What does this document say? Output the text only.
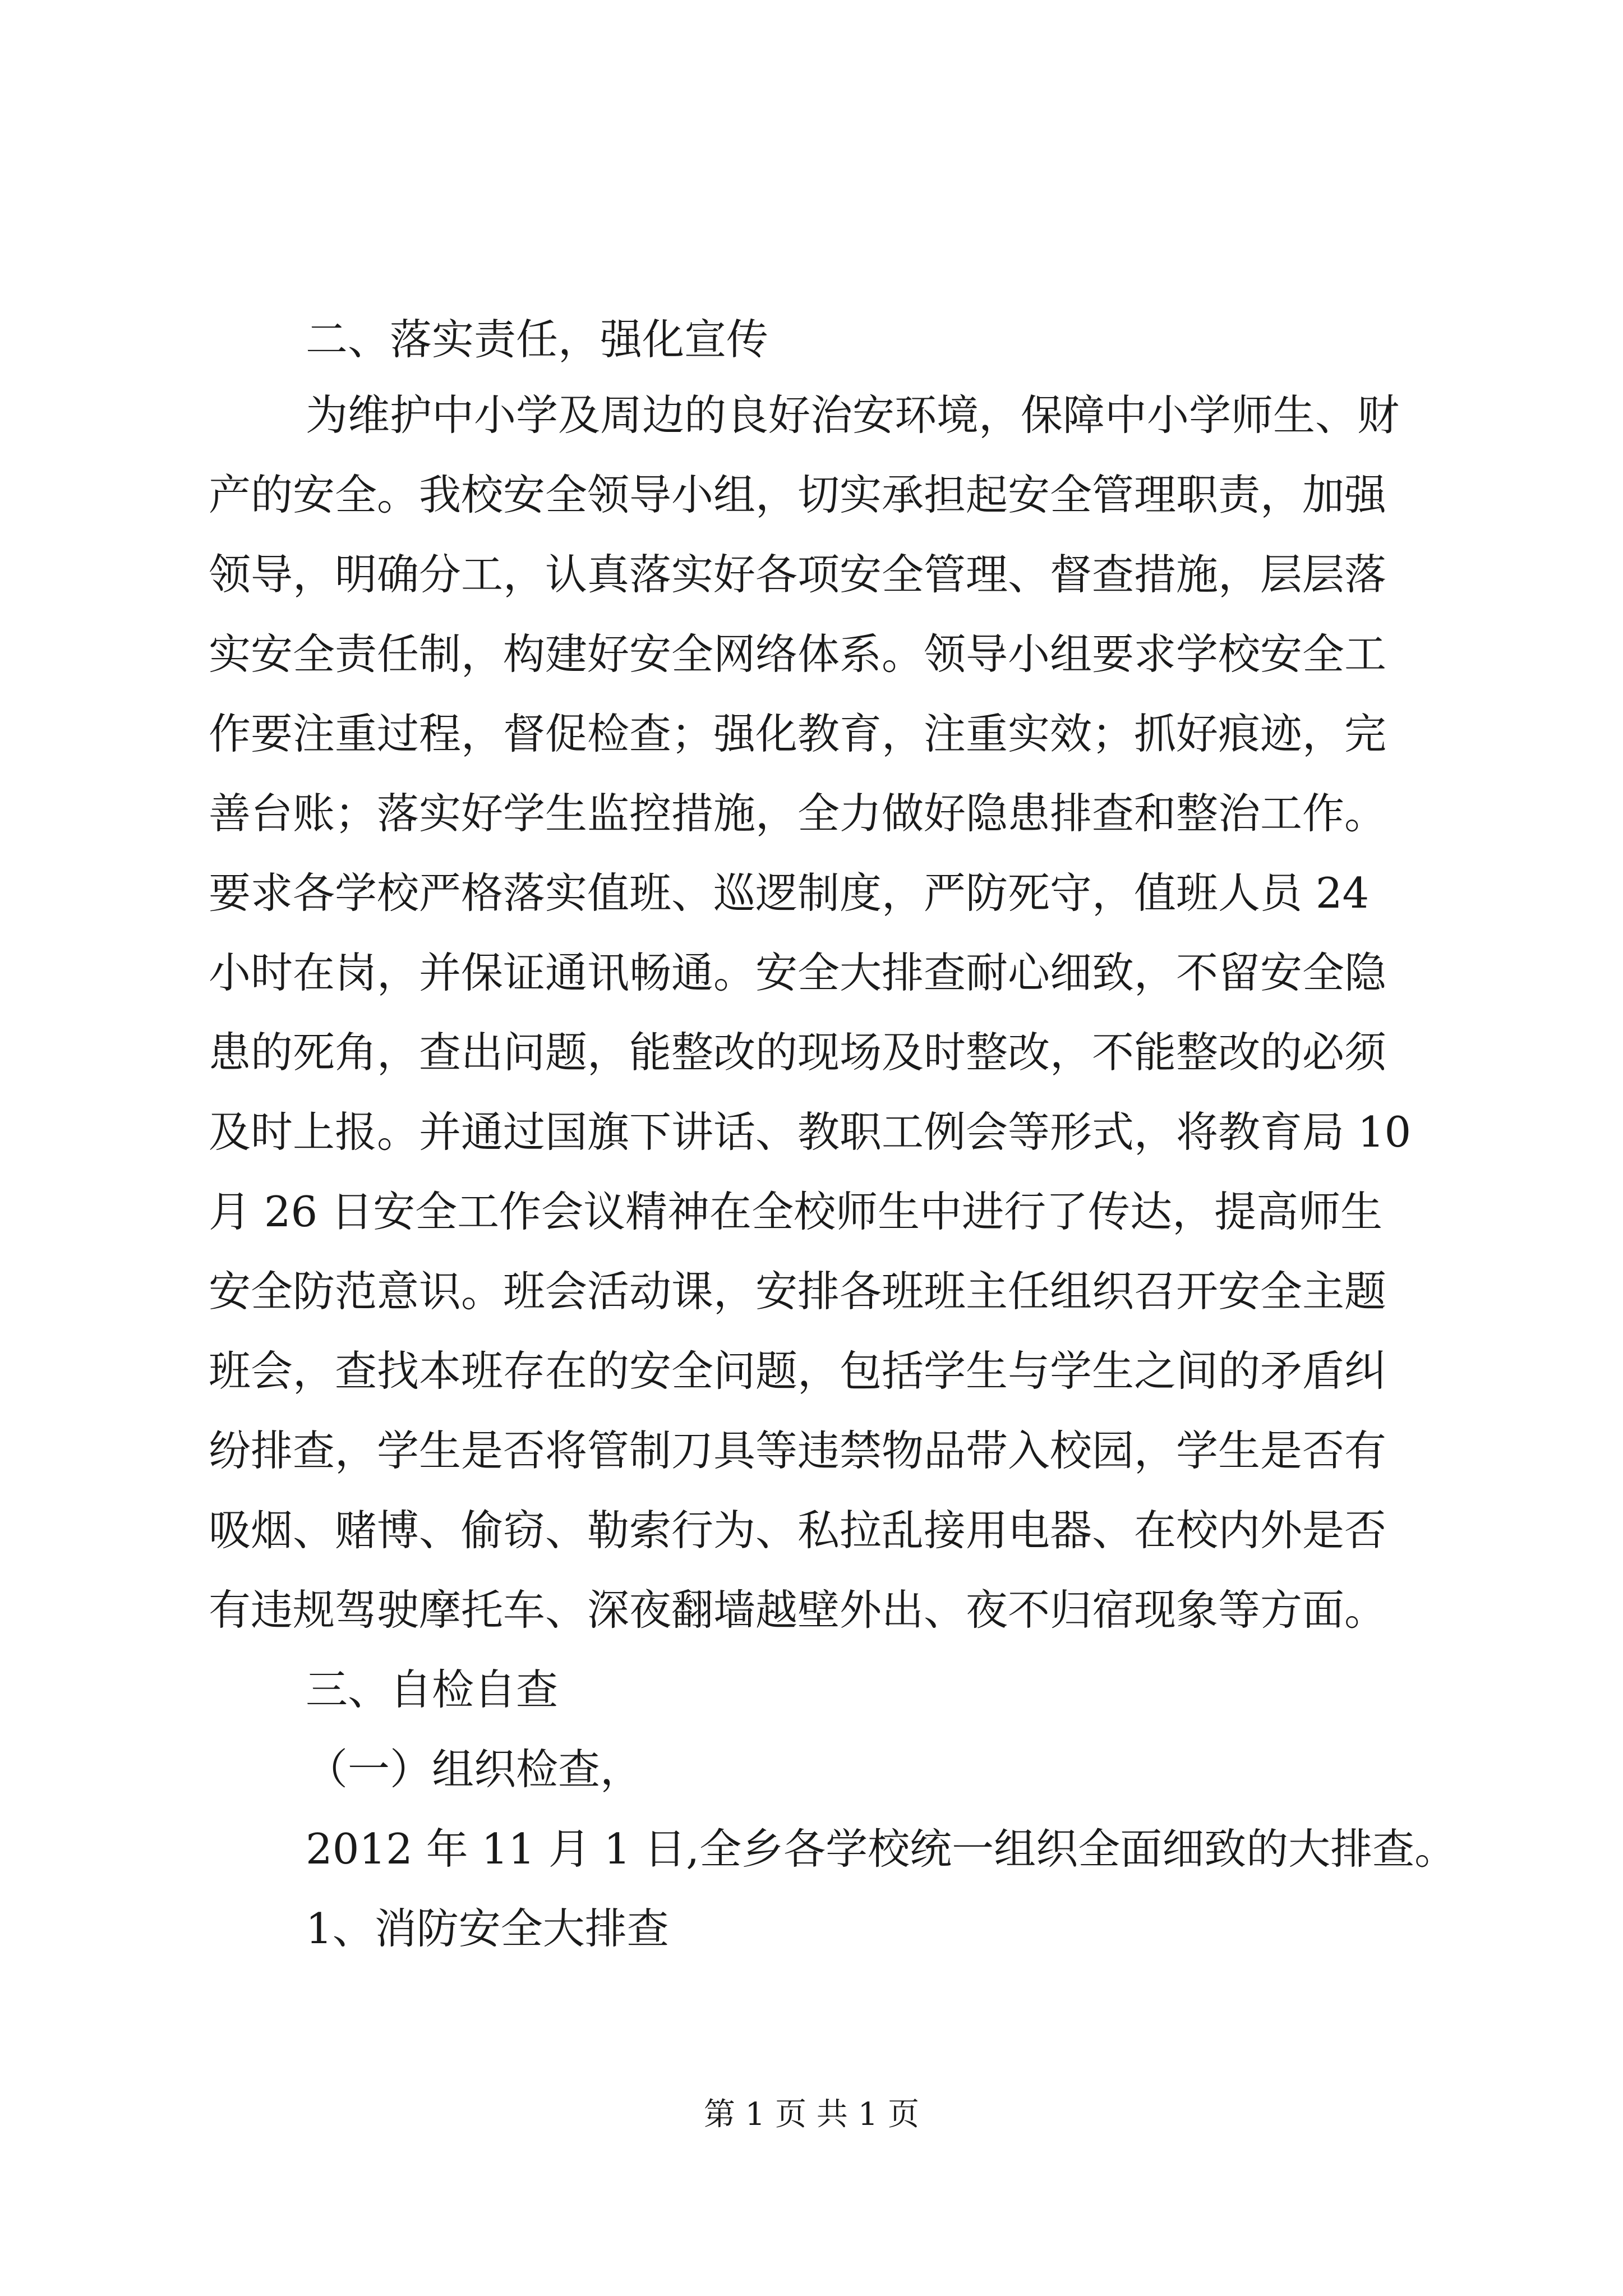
二、落实责任，强化宣传
为维护中小学及周边的良好治安环境，保障中小学师生、财
产的安全。我校安全领导小组，切实承担起安全管理职责，加强
领导，明确分工，认真落实好各项安全管理、督查措施，层层落
实安全责任制，构建好安全网络体系。领导小组要求学校安全工
作要注重过程，督促检查；强化教育，注重实效；抓好痕迹，完
善台账；落实好学生监控措施，全力做好隐患排查和整治工作。
要求各学校严格落实值班、巡逻制度，严防死守，值班人员 24
小时在岗，并保证通讯畅通。安全大排查耐心细致，不留安全隐
患的死角，查出问题，能整改的现场及时整改，不能整改的必须
及时上报。并通过国旗下讲话、教职工例会等形式，将教育局 10
月 26 日安全工作会议精神在全校师生中进行了传达，提高师生
安全防范意识。班会活动课，安排各班班主任组织召开安全主题
班会，查找本班存在的安全问题，包括学生与学生之间的矛盾纠
纷排查，学生是否将管制刀具等违禁物品带入校园，学生是否有
吸烟、赌博、偷窃、勒索行为、私拉乱接用电器、在校内外是否
有违规驾驶摩托车、深夜翻墙越壁外出、夜不归宿现象等方面。
三、自检自查
（一）组织检查，
2012 年 11 月 1 日,全乡各学校统一组织全面细致的大排查。
1、消防安全大排查
第 1 页 共 1 页
